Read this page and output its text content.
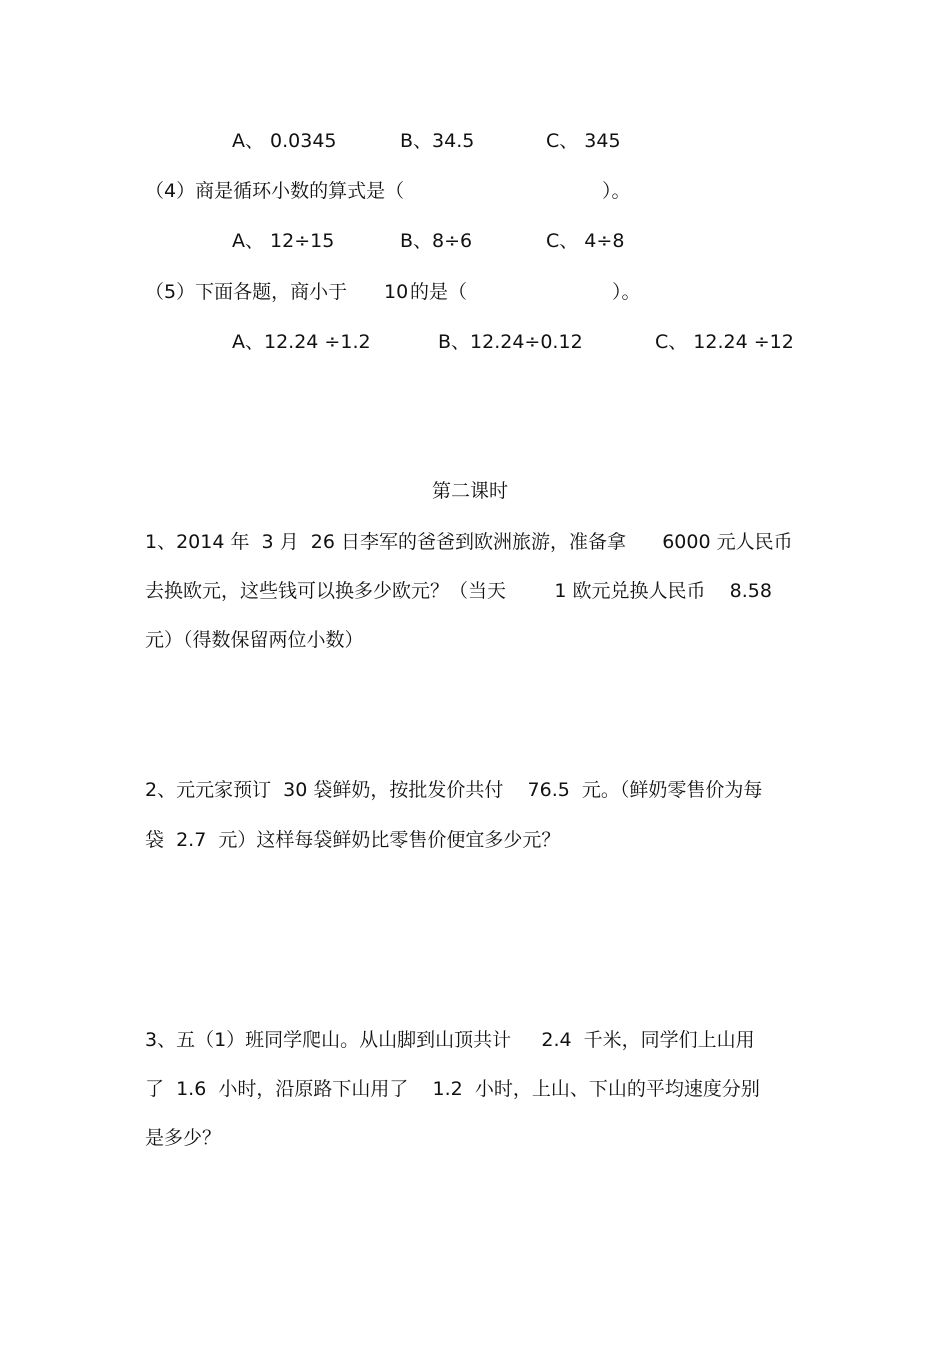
A、 0.0345	B、34.5	C、 345
（4）商是循环小数的算式是（	）。
A、 12÷15	B、8÷6	C、 4÷8
（5）下面各题，商小于 10 的是（	）。
A、12.24 ÷1.2	B、12.24÷0.12	C、 12.24 ÷12
第二课时
1、2014 年  3 月  26 日李军的爸爸到欧洲旅游，准备拿      6000 元人民币
去换欧元，这些钱可以换多少欧元？（当天        1 欧元兑换人民币    8.58
元）（得数保留两位小数）
2、元元家预订  30 袋鲜奶，按批发价共付    76.5  元。（鲜奶零售价为每
袋  2.7  元）这样每袋鲜奶比零售价便宜多少元？
3、五（1）班同学爬山。从山脚到山顶共计     2.4  千米，同学们上山用
了  1.6  小时，沿原路下山用了    1.2  小时，上山、下山的平均速度分别
是多少？
